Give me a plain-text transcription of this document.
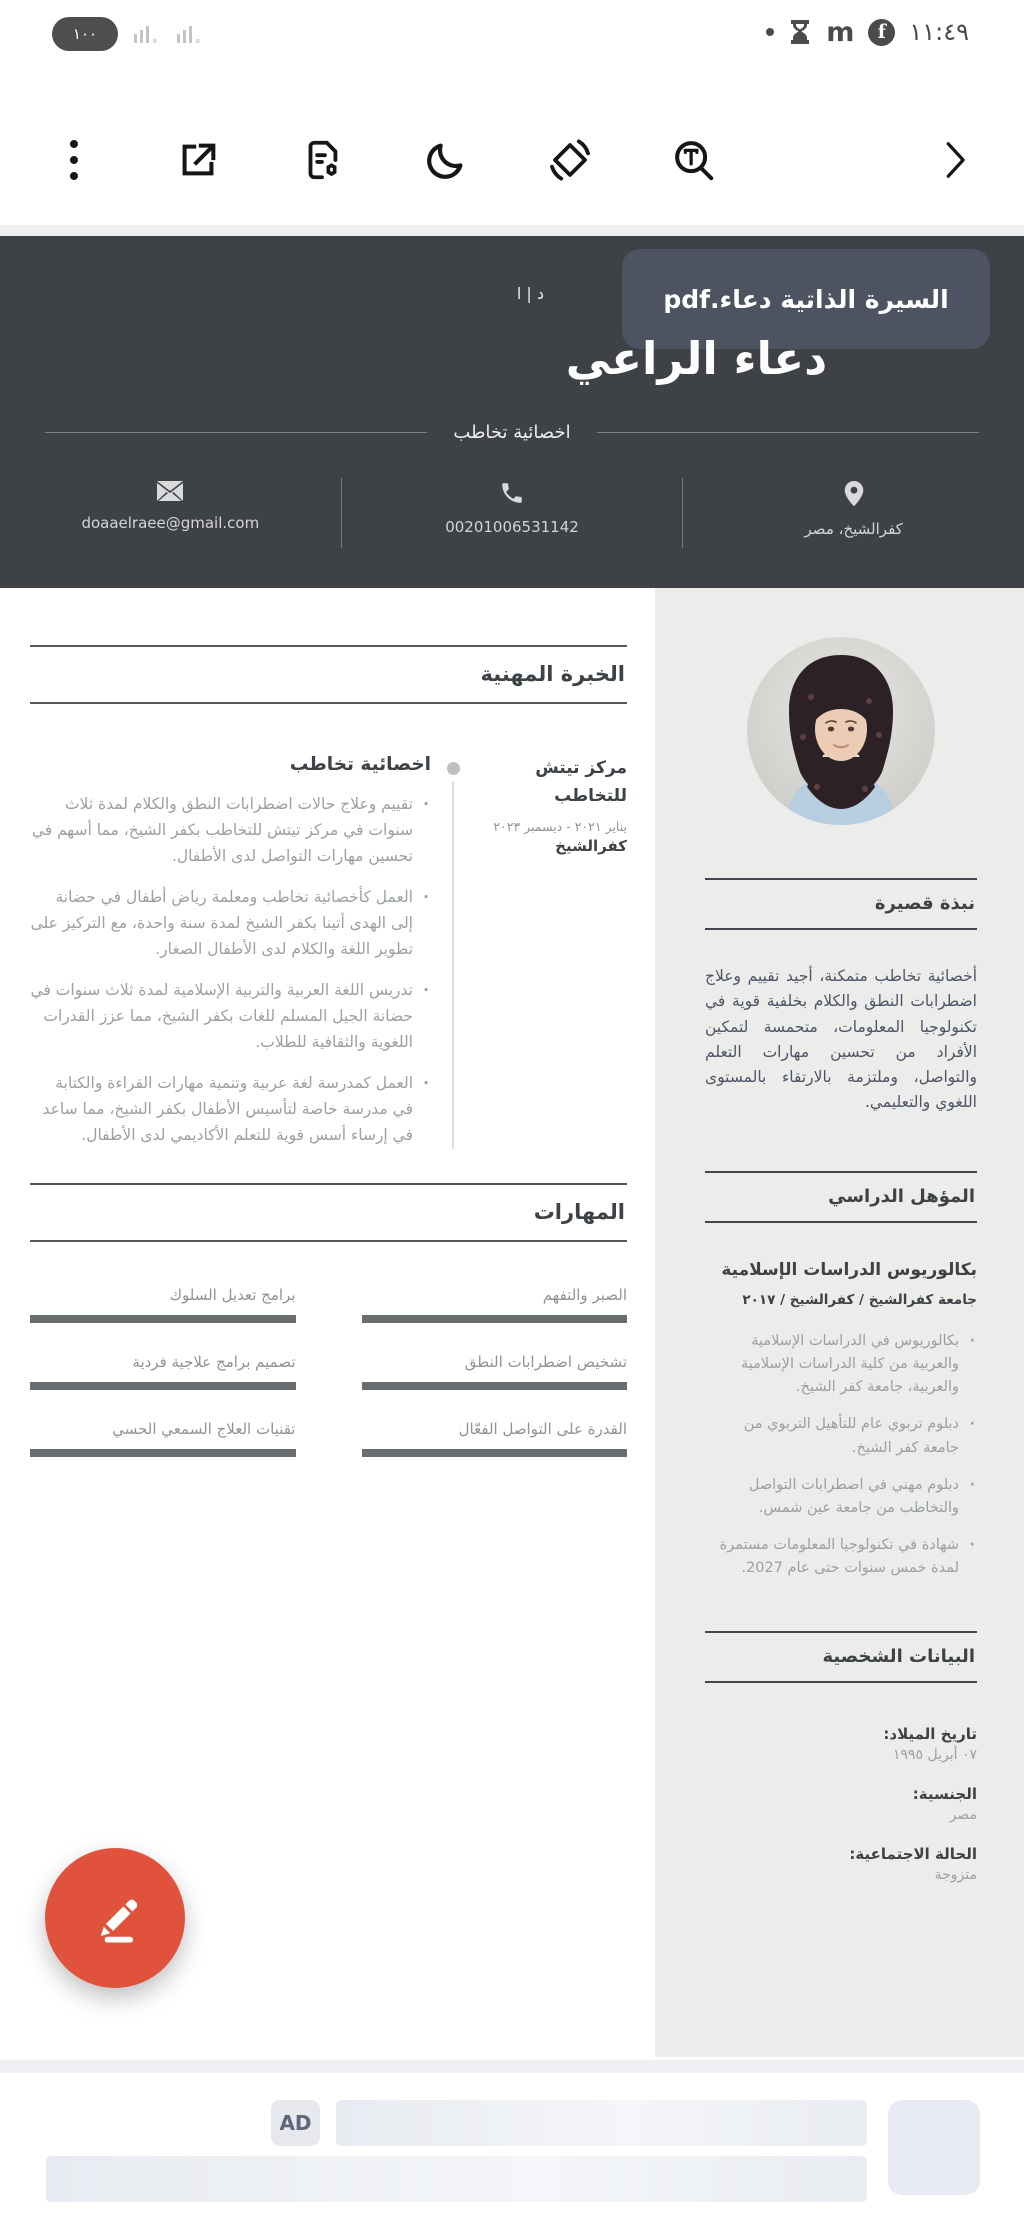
١٠٠	m	f ١١:٤٩
السيرة الذاتية دعاء.pdf
د | ا
دعاء الراعي
اخصائية تخاطب
كفرالشيخ، مصر
00201006531142
doaaelraee@gmail.com
الخبرة المهنية
مركز تيتش للتخاطب
يناير ٢٠٢١ - ديسمبر ٢٠٢٣
كفرالشيخ
اخصائية تخاطب
· تقييم وعلاج حالات اضطرابات النطق والكلام لمدة ثلاث سنوات في مركز تيتش للتخاطب بكفر الشيخ، مما أسهم في تحسين مهارات التواصل لدى الأطفال.
· العمل كأخصائية تخاطب ومعلمة رياض أطفال في حضانة إلى الهدى أتينا بكفر الشيخ لمدة سنة واحدة، مع التركيز على تطوير اللغة والكلام لدى الأطفال الصغار.
· تدريس اللغة العربية والتربية الإسلامية لمدة ثلاث سنوات في حضانة الجيل المسلم للغات بكفر الشيخ، مما عزز القدرات اللغوية والثقافية للطلاب.
· العمل كمدرسة لغة عربية وتنمية مهارات القراءة والكتابة في مدرسة خاصة لتأسيس الأطفال بكفر الشيخ، مما ساعد في إرساء أسس قوية للتعلم الأكاديمي لدى الأطفال.
المهارات
الصبر والتفهم
برامج تعديل السلوك
تشخيص اضطرابات النطق
تصميم برامج علاجية فردية
القدرة على التواصل الفعّال
تقنيات العلاج السمعي الحسي
نبذة قصيرة

أخصائية تخاطب متمكنة، أجيد تقييم وعلاج اضطرابات النطق والكلام بخلفية قوية في تكنولوجيا المعلومات، متحمسة لتمكين الأفراد من تحسين مهارات التعلم والتواصل، وملتزمة بالارتقاء بالمستوى اللغوي والتعليمي.

المؤهل الدراسي
بكالوريوس الدراسات الإسلامية
جامعة كفرالشيخ / كفرالشيخ / ٢٠١٧
· بكالوريوس في الدراسات الإسلامية والعربية من كلية الدراسات الإسلامية والعربية، جامعة كفر الشيخ.
· دبلوم تربوي عام للتأهيل التربوي من جامعة كفر الشيخ.
· دبلوم مهني في اضطرابات التواصل والتخاطب من جامعة عين شمس.
· شهادة في تكنولوجيا المعلومات مستمرة لمدة خمس سنوات حتى عام 2027.
البيانات الشخصية
تاريخ الميلاد:
٠٧ أبريل ١٩٩٥
الجنسية:
مصر
الحالة الاجتماعية:
متزوجة
AD
